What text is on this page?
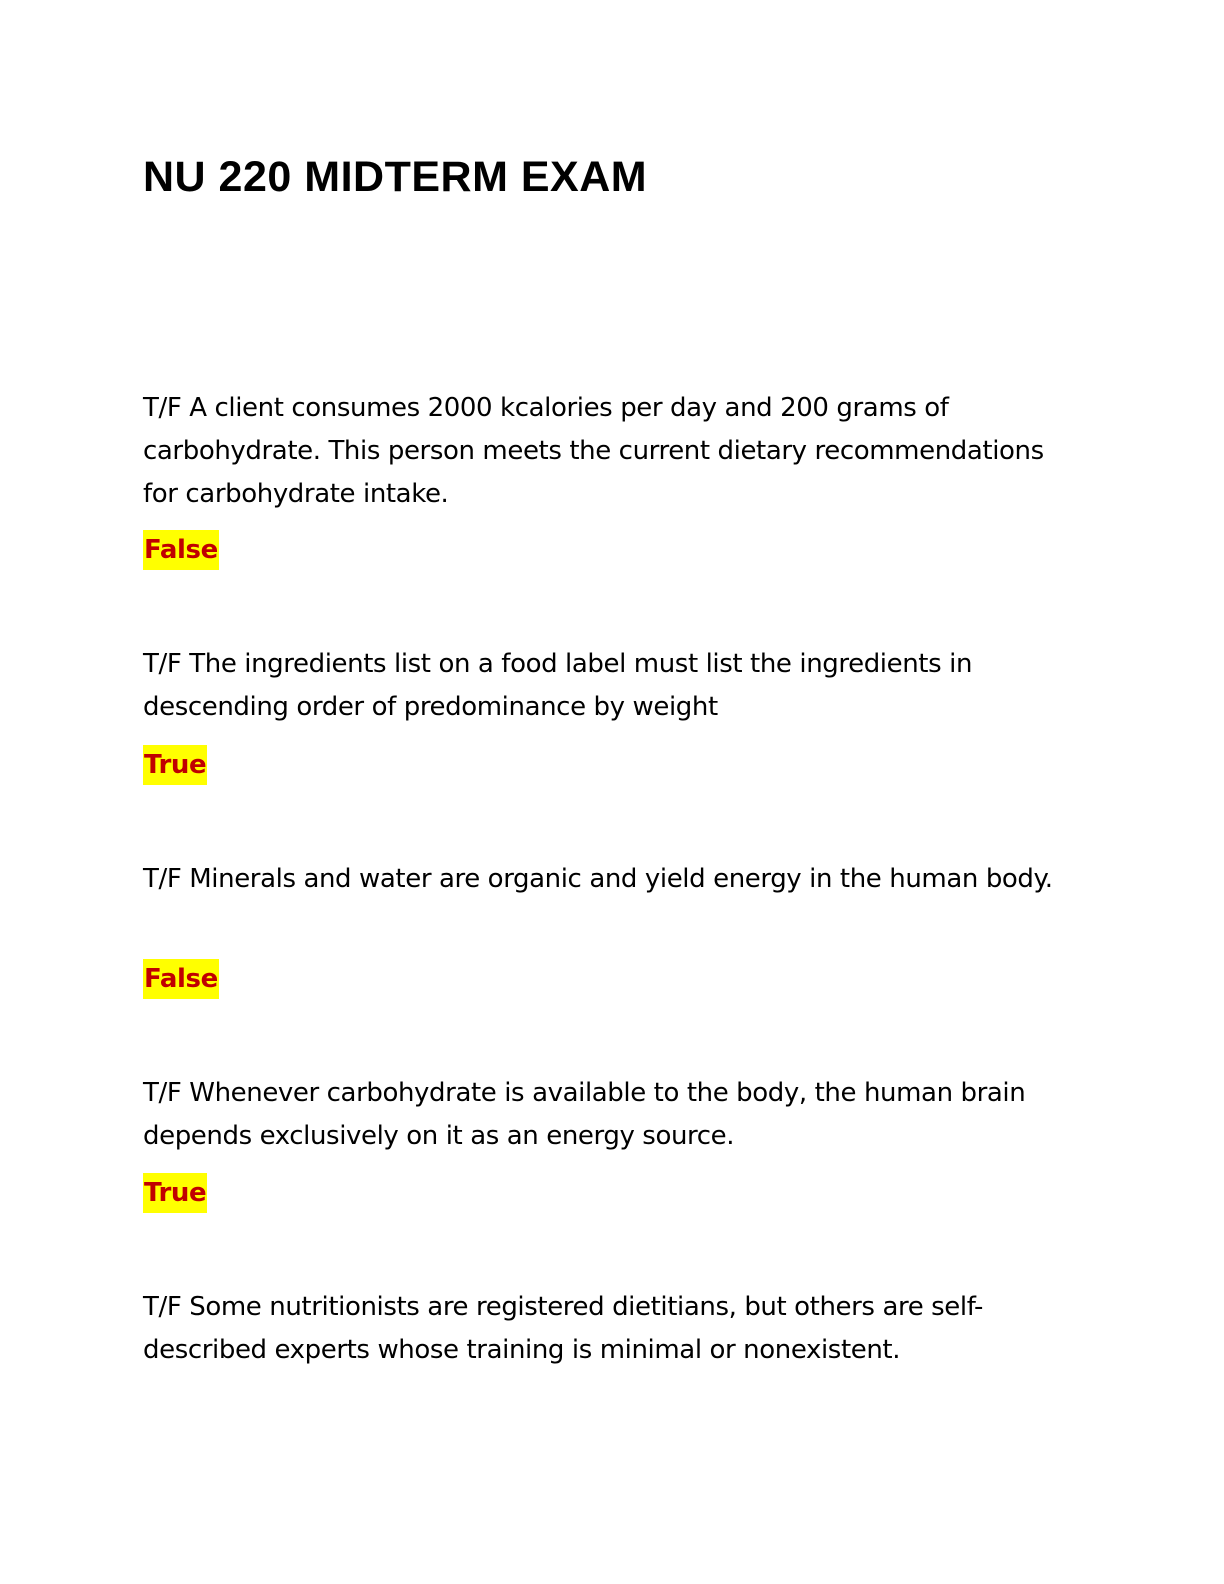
NU 220 MIDTERM EXAM

T/F A client consumes 2000 kcalories per day and 200 grams of carbohydrate. This person meets the current dietary recommendations for carbohydrate intake.

False

T/F The ingredients list on a food label must list the ingredients in descending order of predominance by weight

True

T/F Minerals and water are organic and yield energy in the human body.

False

T/F Whenever carbohydrate is available to the body, the human brain depends exclusively on it as an energy source.

True

T/F Some nutritionists are registered dietitians, but others are self-described experts whose training is minimal or nonexistent.
